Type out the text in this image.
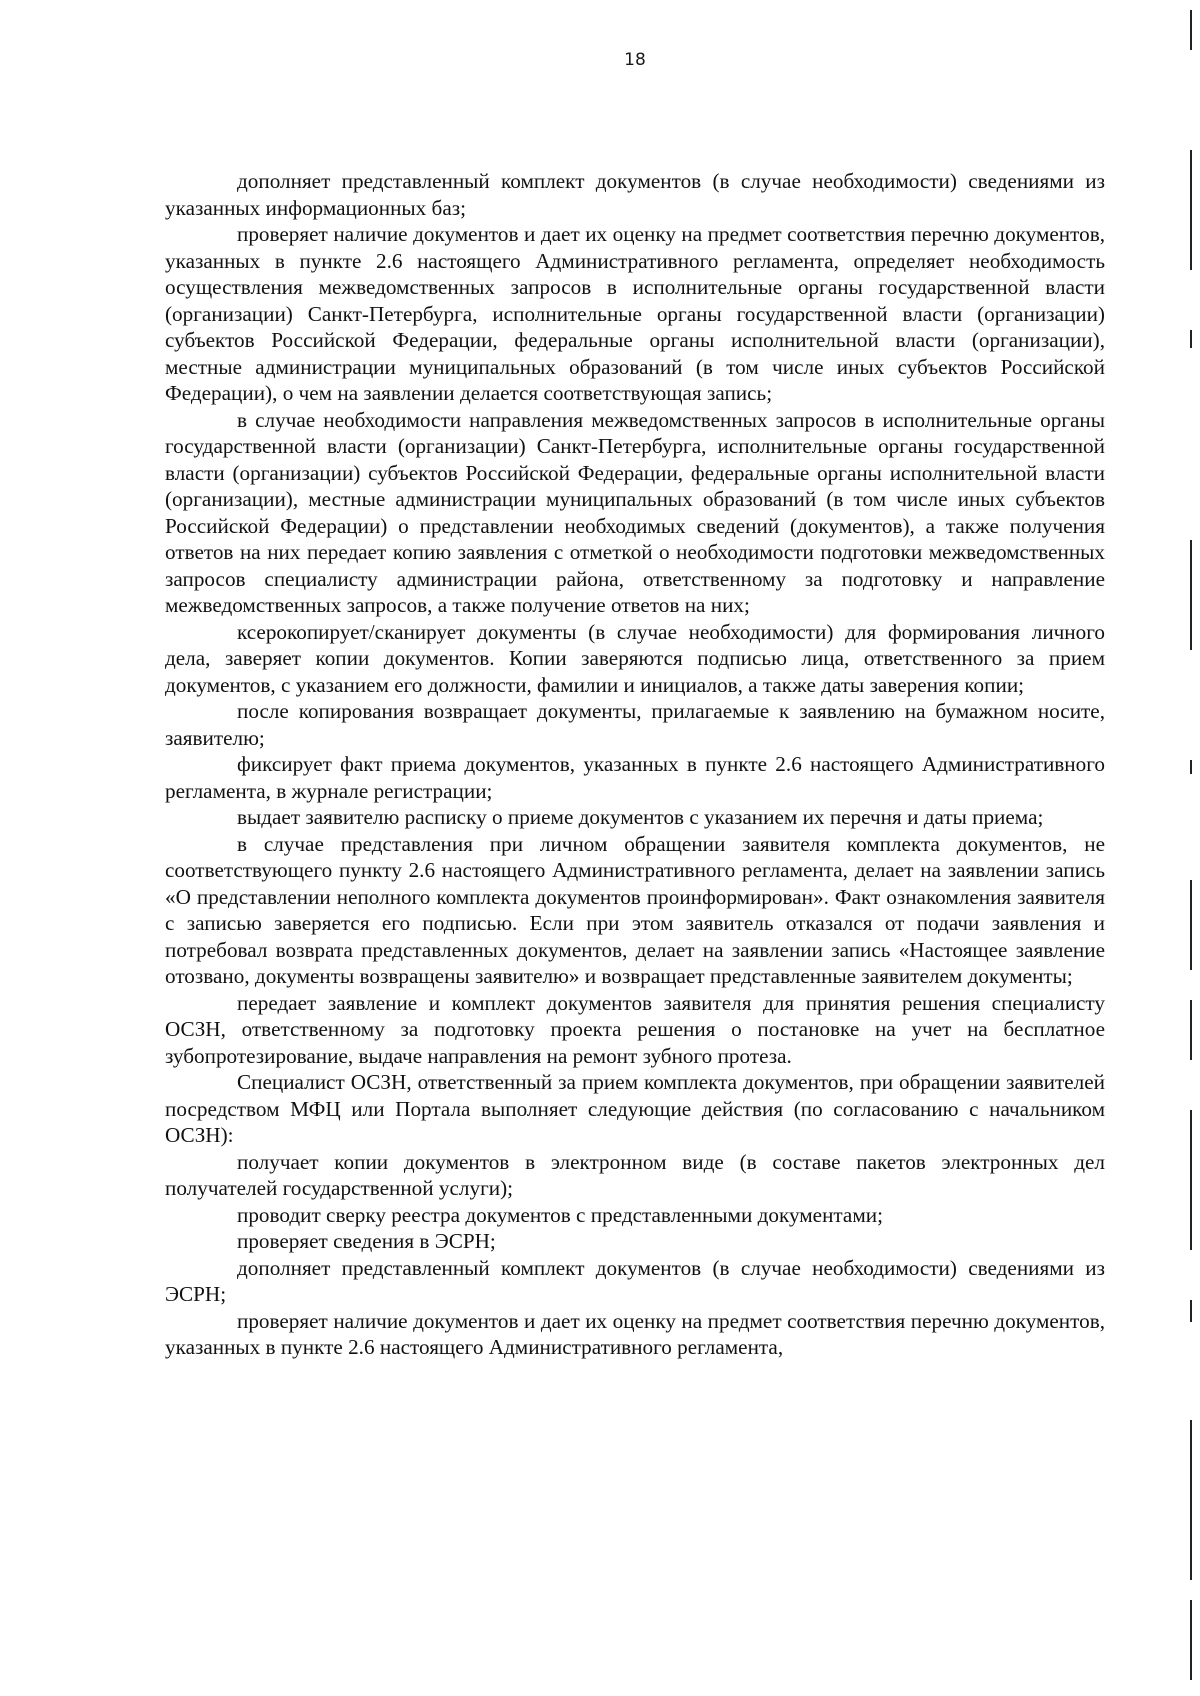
18

дополняет представленный комплект документов (в случае необходимости) сведениями из указанных информационных баз;

проверяет наличие документов и дает их оценку на предмет соответствия перечню документов, указанных в пункте 2.6 настоящего Административного регламента, определяет необходимость осуществления межведомственных запросов в исполнительные органы государственной власти (организации) Санкт-Петербурга, исполнительные органы государственной власти (организации) субъектов Российской Федерации, федеральные органы исполнительной власти (организации), местные администрации муниципальных образований (в том числе иных субъектов Российской Федерации), о чем на заявлении делается соответствующая запись;

в случае необходимости направления межведомственных запросов в исполнительные органы государственной власти (организации) Санкт-Петербурга, исполнительные органы государственной власти (организации) субъектов Российской Федерации, федеральные органы исполнительной власти (организации), местные администрации муниципальных образований (в том числе иных субъектов Российской Федерации) о представлении необходимых сведений (документов), а также получения ответов на них передает копию заявления с отметкой о необходимости подготовки межведомственных запросов специалисту администрации района, ответственному за подготовку и направление межведомственных запросов, а также получение ответов на них;

ксерокопирует/сканирует документы (в случае необходимости) для формирования личного дела, заверяет копии документов. Копии заверяются подписью лица, ответственного за прием документов, с указанием его должности, фамилии и инициалов, а также даты заверения копии;

после копирования возвращает документы, прилагаемые к заявлению на бумажном носите, заявителю;

фиксирует факт приема документов, указанных в пункте 2.6 настоящего Административного регламента, в журнале регистрации;

выдает заявителю расписку о приеме документов с указанием их перечня и даты приема;

в случае представления при личном обращении заявителя комплекта документов, не соответствующего пункту 2.6 настоящего Административного регламента, делает на заявлении запись «О представлении неполного комплекта документов проинформирован». Факт ознакомления заявителя с записью заверяется его подписью. Если при этом заявитель отказался от подачи заявления и потребовал возврата представленных документов, делает на заявлении запись «Настоящее заявление отозвано, документы возвращены заявителю» и возвращает представленные заявителем документы;

передает заявление и комплект документов заявителя для принятия решения специалисту ОСЗН, ответственному за подготовку проекта решения о постановке на учет на бесплатное зубопротезирование, выдаче направления на ремонт зубного протеза.

Специалист ОСЗН, ответственный за прием комплекта документов, при обращении заявителей посредством МФЦ или Портала выполняет следующие действия (по согласованию с начальником ОСЗН):

получает копии документов в электронном виде (в составе пакетов электронных дел получателей государственной услуги);

проводит сверку реестра документов с представленными документами;

проверяет сведения в ЭСРН;

дополняет представленный комплект документов (в случае необходимости) сведениями из ЭСРН;

проверяет наличие документов и дает их оценку на предмет соответствия перечню документов, указанных в пункте 2.6 настоящего Административного регламента,
